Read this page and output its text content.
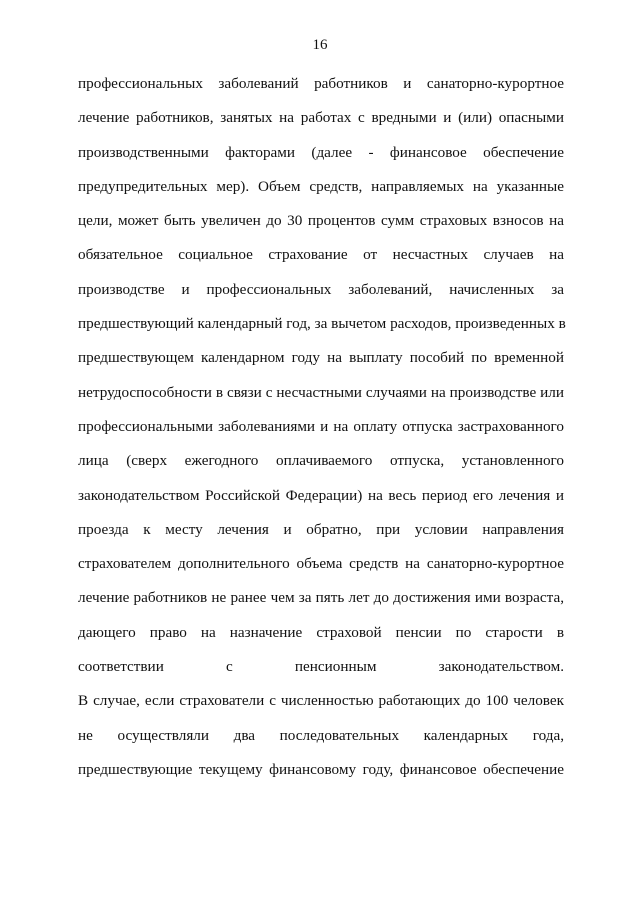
16
профессиональных заболеваний работников и санаторно-курортное
лечение работников, занятых на работах с вредными и (или) опасными
производственными факторами (далее - финансовое обеспечение
предупредительных мер). Объем средств, направляемых на указанные
цели, может быть увеличен до 30 процентов сумм страховых взносов на
обязательное социальное страхование от несчастных случаев на
производстве и профессиональных заболеваний, начисленных за
предшествующий календарный год, за вычетом расходов, произведенных в
предшествующем календарном году на выплату пособий по временной
нетрудоспособности в связи с несчастными случаями на производстве или
профессиональными заболеваниями и на оплату отпуска застрахованного
лица (сверх ежегодного оплачиваемого отпуска, установленного
законодательством Российской Федерации) на весь период его лечения и
проезда к месту лечения и обратно, при условии направления
страхователем дополнительного объема средств на санаторно-курортное
лечение работников не ранее чем за пять лет до достижения ими возраста,
дающего право на назначение страховой пенсии по старости в
соответствии с пенсионным законодательством.
В случае, если страхователи с численностью работающих до 100 человек
не осуществляли два последовательных календарных года,
предшествующие текущему финансовому году, финансовое обеспечение
